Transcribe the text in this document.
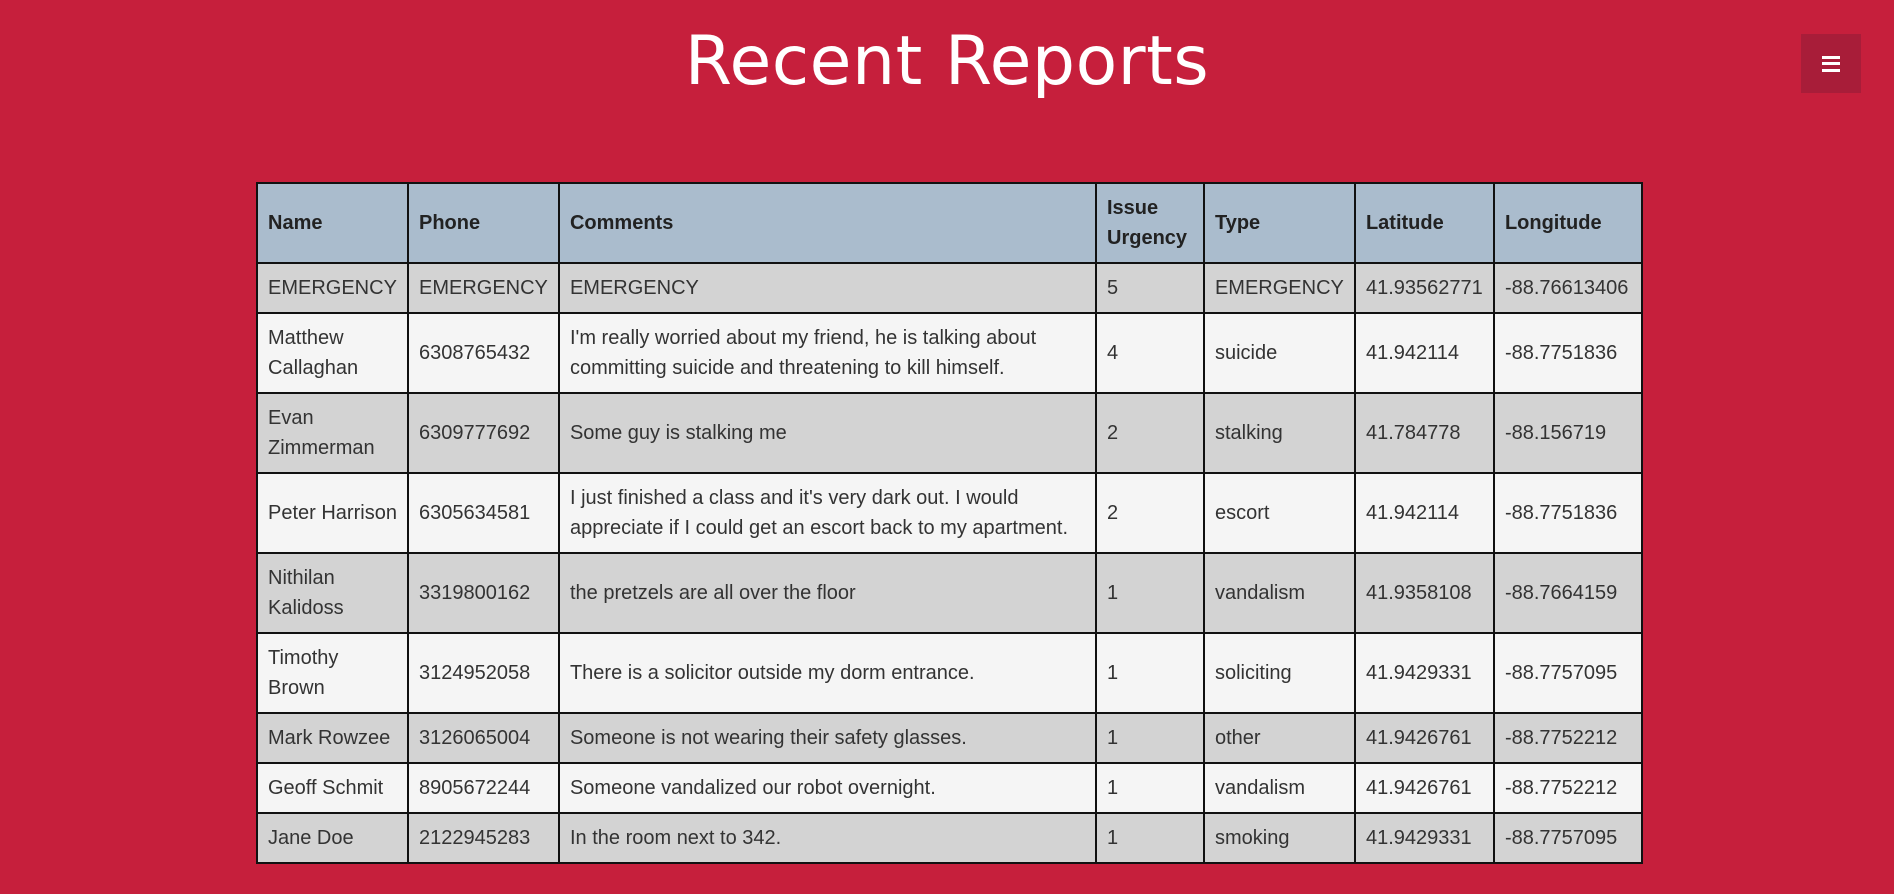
Recent Reports
Name	Phone	Comments	Issue Urgency	Type	Latitude	Longitude
EMERGENCY	EMERGENCY	EMERGENCY	5	EMERGENCY	41.93562771	-88.76613406
Matthew Callaghan	6308765432	I'm really worried about my friend, he is talking about committing suicide and threatening to kill himself.	4	suicide	41.942114	-88.7751836
Evan Zimmerman	6309777692	Some guy is stalking me	2	stalking	41.784778	-88.156719
Peter Harrison	6305634581	I just finished a class and it's very dark out. I would appreciate if I could get an escort back to my apartment.	2	escort	41.942114	-88.7751836
Nithilan Kalidoss	3319800162	the pretzels are all over the floor	1	vandalism	41.9358108	-88.7664159
Timothy Brown	3124952058	There is a solicitor outside my dorm entrance.	1	soliciting	41.9429331	-88.7757095
Mark Rowzee	3126065004	Someone is not wearing their safety glasses.	1	other	41.9426761	-88.7752212
Geoff Schmit	8905672244	Someone vandalized our robot overnight.	1	vandalism	41.9426761	-88.7752212
Jane Doe	2122945283	In the room next to 342.	1	smoking	41.9429331	-88.7757095
